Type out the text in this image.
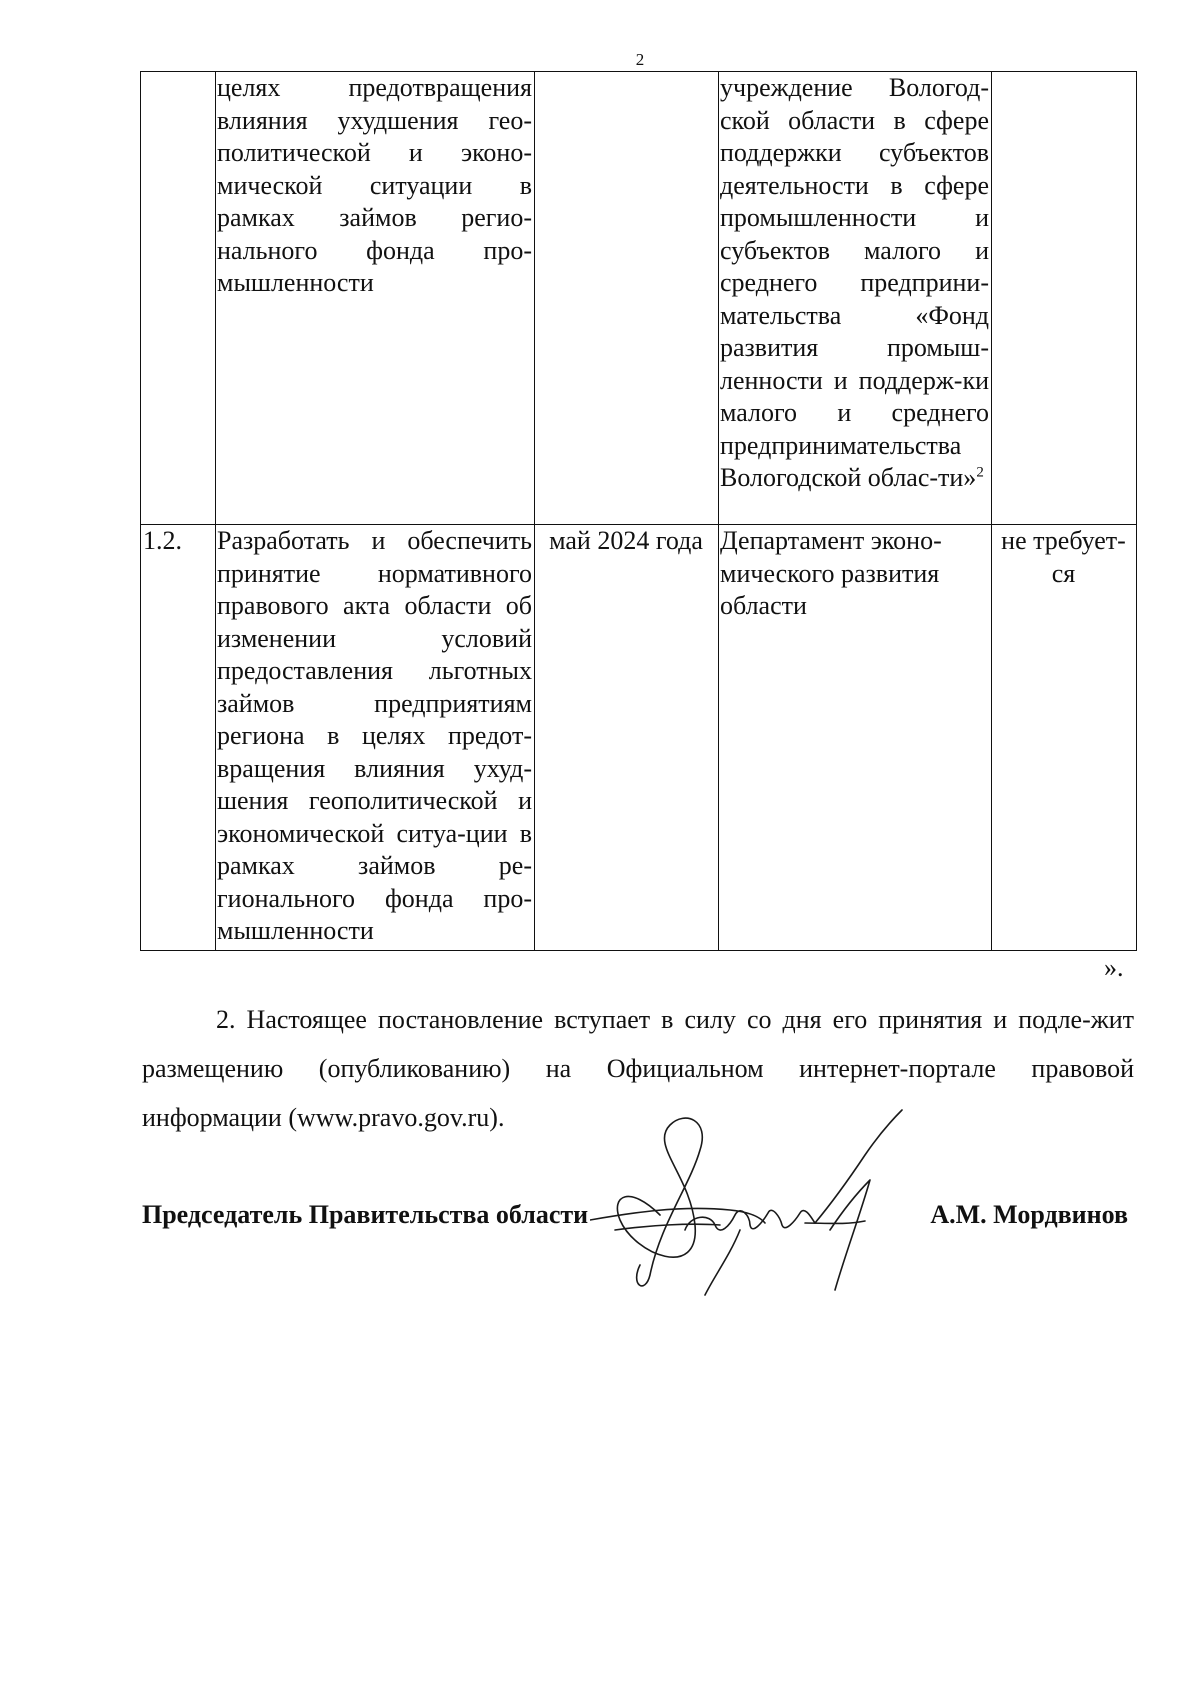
2

	целях предотвращения влияния ухудшения гео-политической и эконо-мической ситуации в рамках займов регио-нального фонда про-мышленности		учреждение Вологод-ской области в сфере поддержки субъектов деятельности в сфере промышленности и субъектов малого и среднего предприни-мательства «Фонд развития промыш-ленности и поддерж-ки малого и среднего предпринимательства Вологодской облас-ти»$^2$

1.2.	Разработать и обеспечить принятие нормативного правового акта области об изменении условий предоставления льготных займов предприятиям региона в целях предот-вращения влияния ухуд-шения геополитической и экономической ситуа-ции в рамках займов ре-гионального фонда про-мышленности	май 2024 года	Департамент эконо-мического развития области	не требует-ся
».
2. Настоящее постановление вступает в силу со дня его принятия и подле-жит размещению (опубликованию) на Официальном интернет-портале правовой информации (www.pravo.gov.ru).
Председатель Правительства области	А.М. Мордвинов
